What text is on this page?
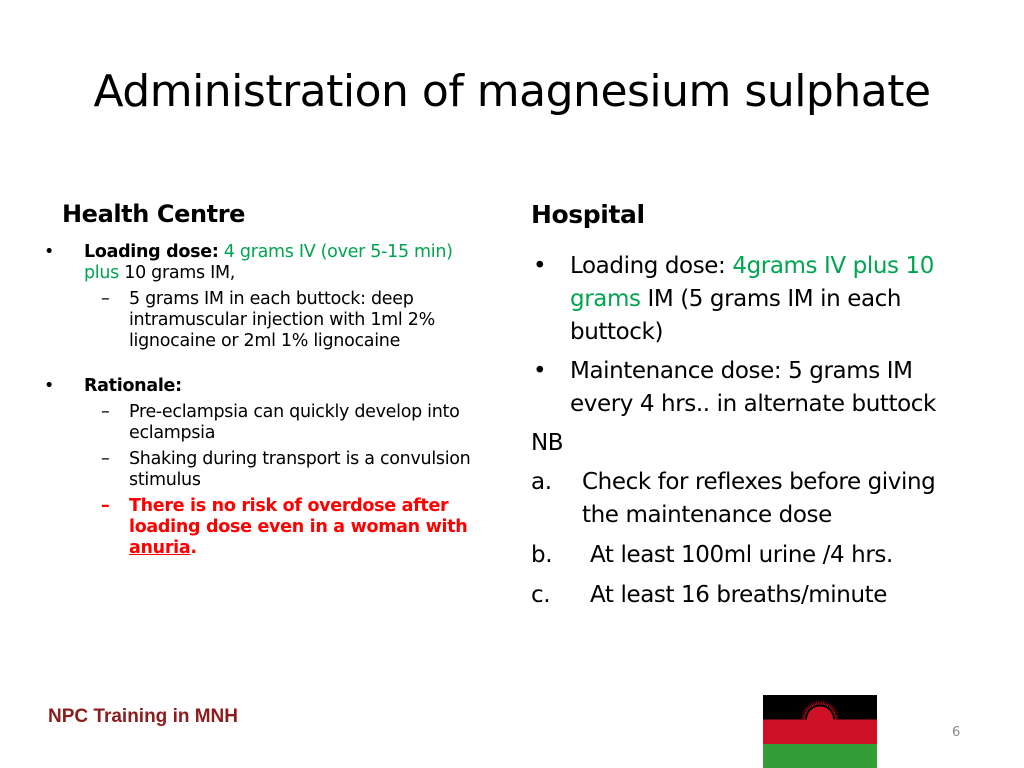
Administration of magnesium sulphate
Health Centre
• Loading dose: 4 grams IV (over 5-15 min) plus 10 grams IM,
– 5 grams IM in each buttock: deep intramuscular injection with 1ml 2% lignocaine or 2ml 1% lignocaine
• Rationale:
– Pre-eclampsia can quickly develop into eclampsia
– Shaking during transport is a convulsion stimulus
– There is no risk of overdose after loading dose even in a woman with anuria.
Hospital
• Loading dose: 4grams IV plus 10 grams IM (5 grams IM in each buttock)
• Maintenance dose: 5 grams IM every 4 hrs.. in alternate buttock
NB
a. Check for reflexes before giving the maintenance dose
b. At least 100ml urine /4 hrs.
c. At least 16 breaths/minute

NPC Training in MNH

6
